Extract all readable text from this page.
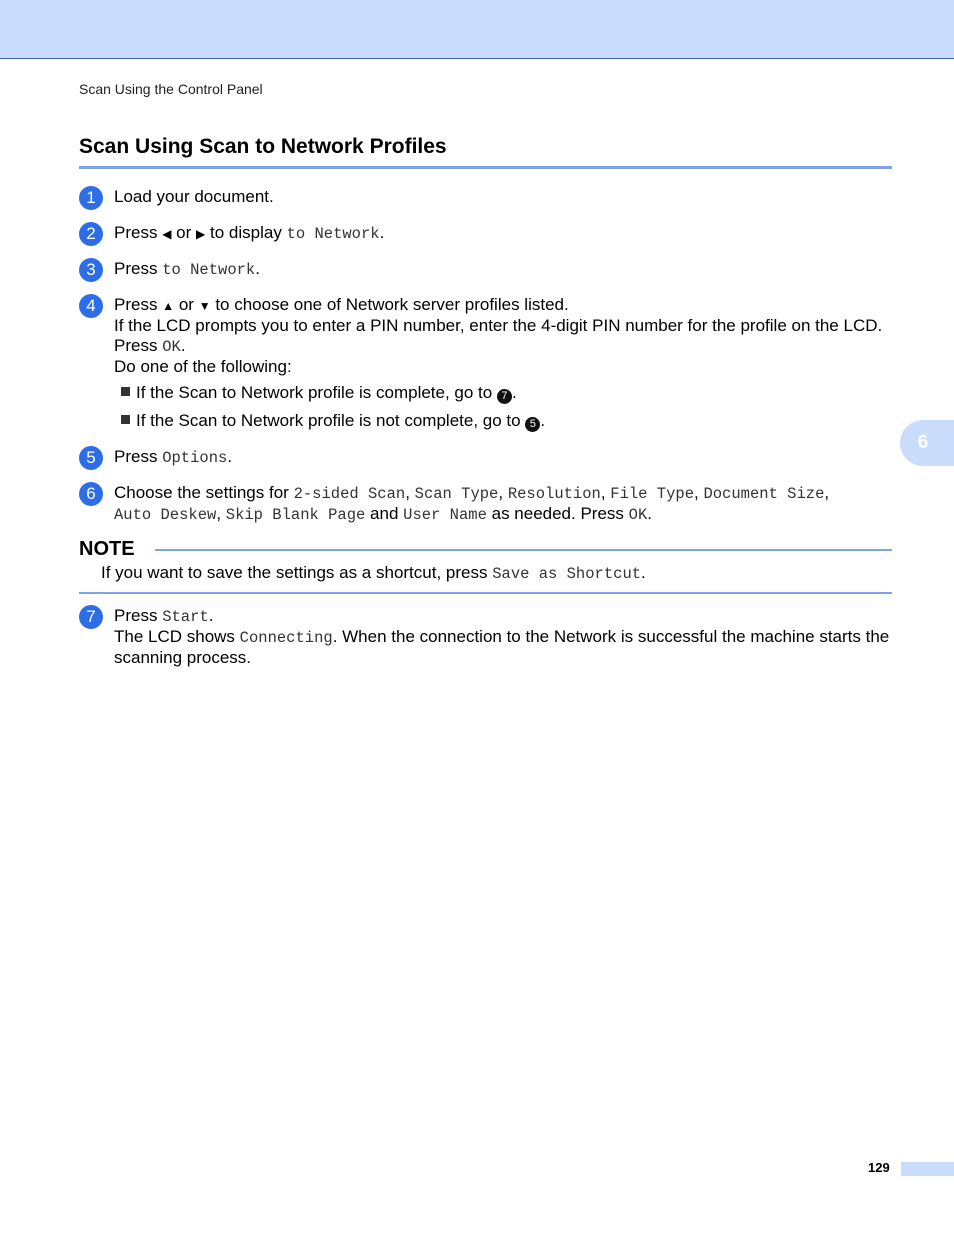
Scan Using the Control Panel
Scan Using Scan to Network Profiles
1	Load your document.
2	Press ◀ or ▶ to display to Network.
3	Press to Network.
4	Press ▲ or ▼ to choose one of Network server profiles listed.
If the LCD prompts you to enter a PIN number, enter the 4-digit PIN number for the profile on the LCD.
Press OK.
Do one of the following:
If the Scan to Network profile is complete, go to 7 .
If the Scan to Network profile is not complete, go to 5 .
5	Press Options.
6	Choose the settings for 2-sided Scan, Scan Type, Resolution, File Type, Document Size,
Auto Deskew, Skip Blank Page and User Name as needed. Press OK.
NOTE
If you want to save the settings as a shortcut, press Save as Shortcut.
7	Press Start.
The LCD shows Connecting. When the connection to the Network is successful the machine starts the
scanning process.
6
129
